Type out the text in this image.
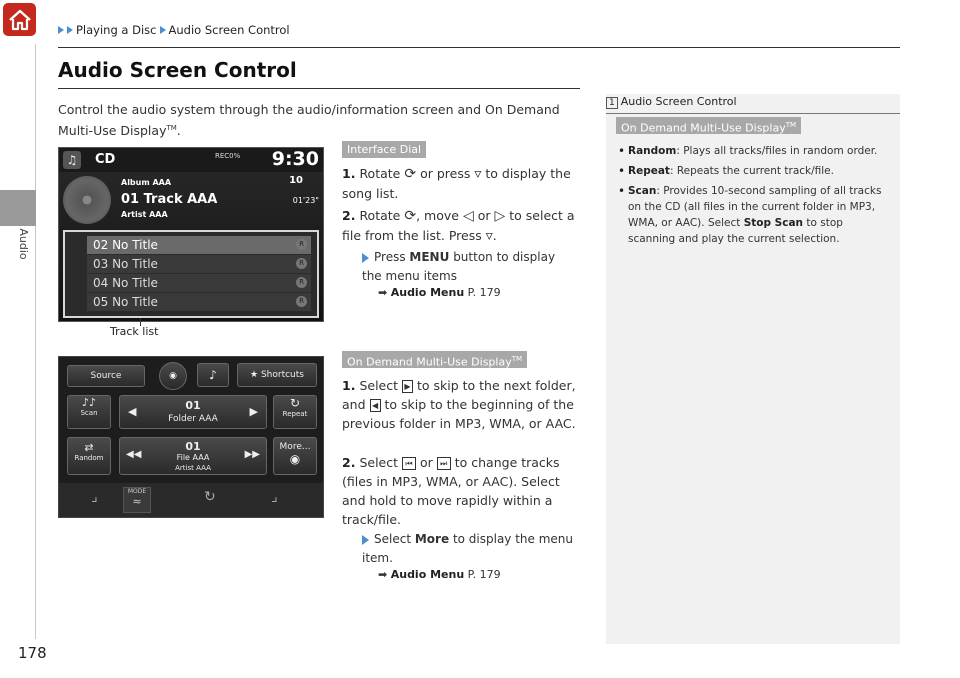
Audio
178
Playing a Disc Audio Screen Control
Audio Screen Control
Control the audio system through the audio/information screen and On Demand Multi-Use Display™.
♫ CD	REC0% 9:30
Album AAA
01 Track AAA
Artist AAA
10
01'23"
02 No Title	R
03 No Title	R
04 No Title	R
05 No Title	R
Track list
Source	◉	♪	★ Shortcuts
♪♪
Scan	◀	01
Folder AAA
▶
↻
Repeat
⇄
Random	◀◀
01
File AAA
Artist AAA
▶▶
More...
◉
⌟	MODE
≈	↻	⌟
Interface Dial
1. Rotate ⟳ or press ▿ to display the song list.
2. Rotate ⟳, move ◁ or ▷ to select a file from the list. Press ▿.
Press MENU button to display the menu items
➡ Audio Menu P. 179
On Demand Multi-Use Display™
1. Select ▶ to skip to the next folder, and ◀ to skip to the beginning of the previous folder in MP3, WMA, or AAC.
2. Select ⏮ or ⏭ to change tracks (files in MP3, WMA, or AAC). Select and hold to move rapidly within a track/file.
Select More to display the menu item.
➡ Audio Menu P. 179
1 Audio Screen Control
On Demand Multi-Use Display™
• Random: Plays all tracks/files in random order.
• Repeat: Repeats the current track/file.
• Scan: Provides 10-second sampling of all tracks on the CD (all files in the current folder in MP3, WMA, or AAC). Select Stop Scan to stop scanning and play the current selection.
